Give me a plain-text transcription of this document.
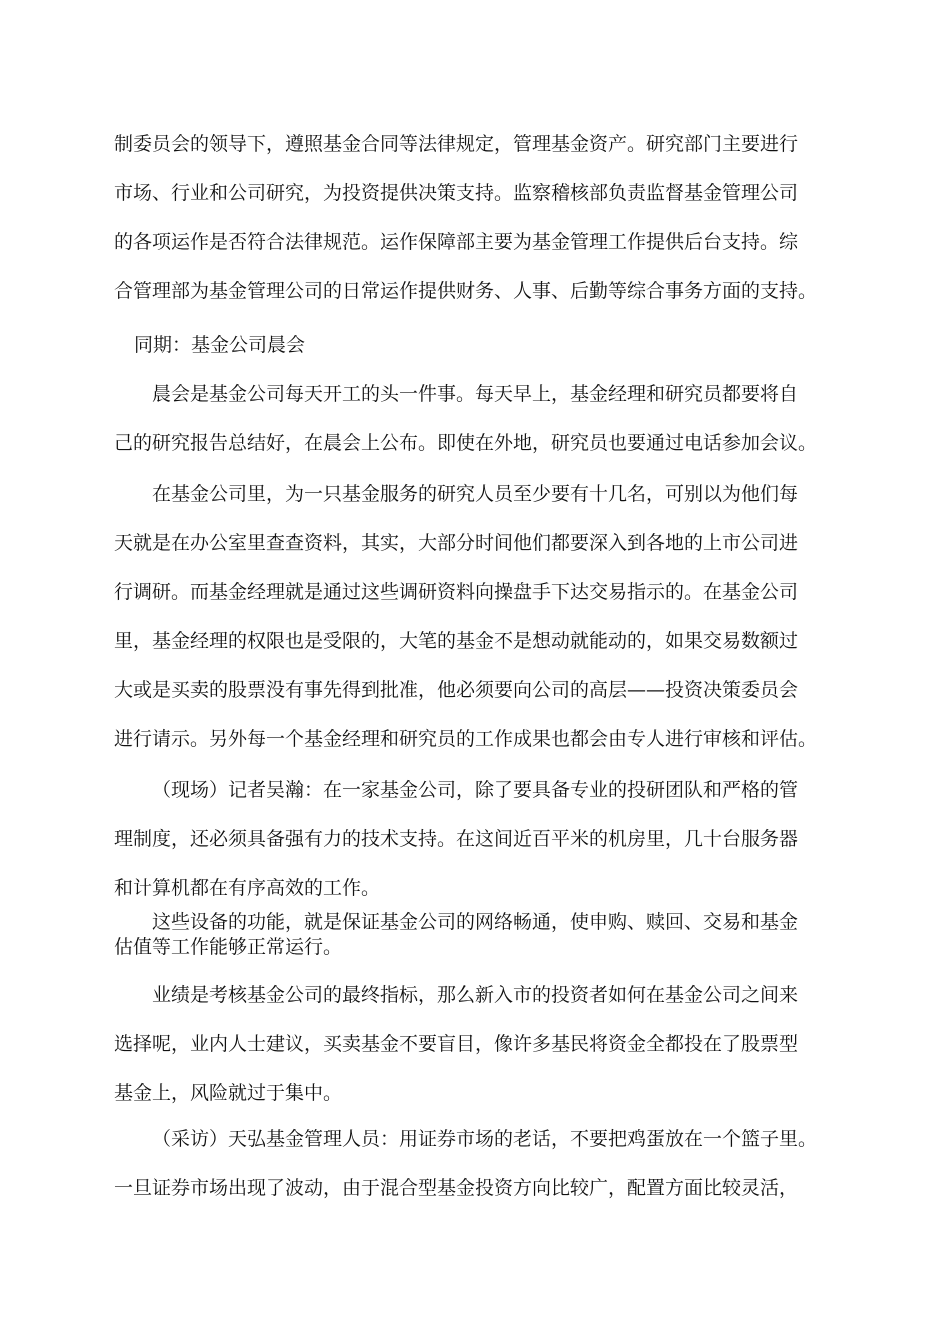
制委员会的领导下，遵照基金合同等法律规定，管理基金资产。研究部门主要进行
市场、行业和公司研究，为投资提供决策支持。监察稽核部负责监督基金管理公司
的各项运作是否符合法律规范。运作保障部主要为基金管理工作提供后台支持。综
合管理部为基金管理公司的日常运作提供财务、人事、后勤等综合事务方面的支持。
同期：基金公司晨会
晨会是基金公司每天开工的头一件事。每天早上，基金经理和研究员都要将自
己的研究报告总结好，在晨会上公布。即使在外地，研究员也要通过电话参加会议。
在基金公司里，为一只基金服务的研究人员至少要有十几名，可别以为他们每
天就是在办公室里查查资料，其实，大部分时间他们都要深入到各地的上市公司进
行调研。而基金经理就是通过这些调研资料向操盘手下达交易指示的。在基金公司
里，基金经理的权限也是受限的，大笔的基金不是想动就能动的，如果交易数额过
大或是买卖的股票没有事先得到批准，他必须要向公司的高层——投资决策委员会
进行请示。另外每一个基金经理和研究员的工作成果也都会由专人进行审核和评估。
（现场）记者吴瀚：在一家基金公司，除了要具备专业的投研团队和严格的管
理制度，还必须具备强有力的技术支持。在这间近百平米的机房里，几十台服务器
和计算机都在有序高效的工作。
这些设备的功能，就是保证基金公司的网络畅通，使申购、赎回、交易和基金
估值等工作能够正常运行。
业绩是考核基金公司的最终指标，那么新入市的投资者如何在基金公司之间来
选择呢，业内人士建议，买卖基金不要盲目，像许多基民将资金全都投在了股票型
基金上，风险就过于集中。
（采访）天弘基金管理人员：用证券市场的老话，不要把鸡蛋放在一个篮子里。
一旦证券市场出现了波动，由于混合型基金投资方向比较广，配置方面比较灵活，
